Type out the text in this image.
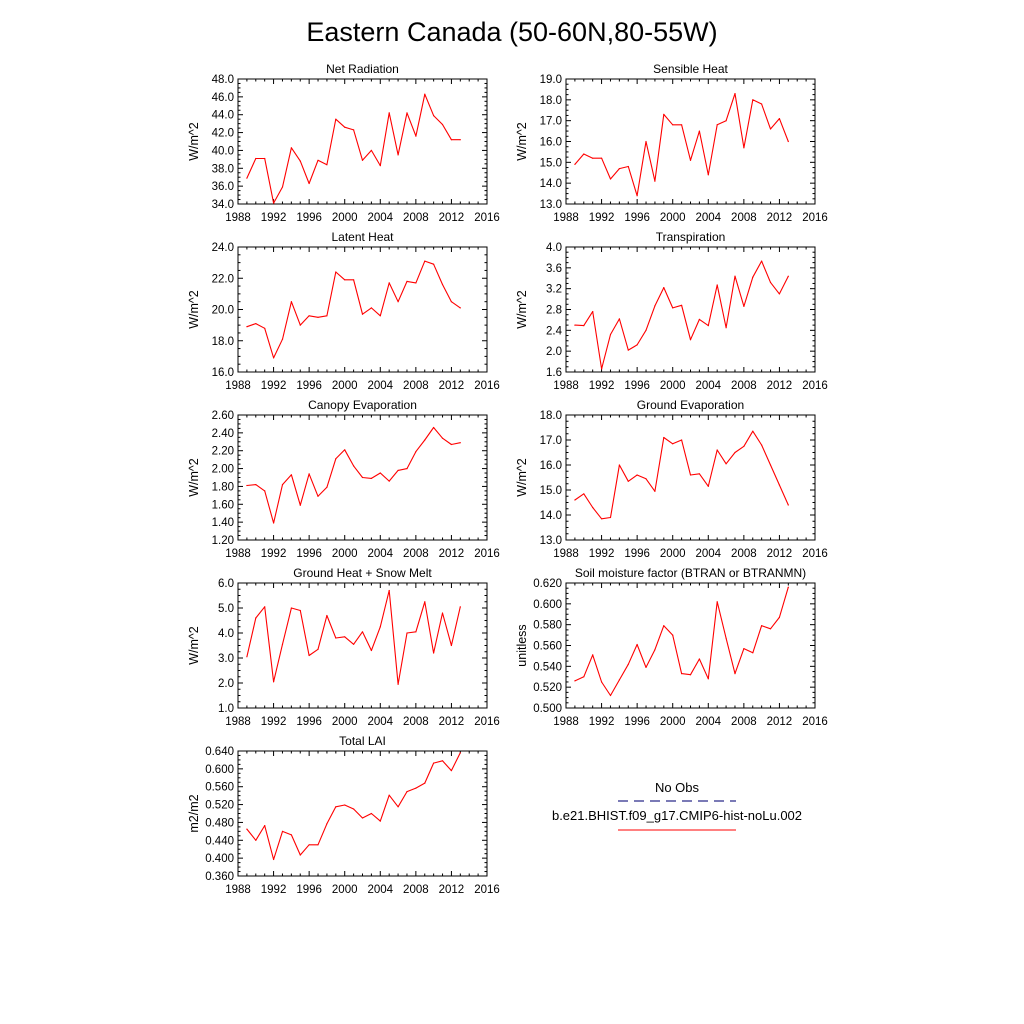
Eastern Canada (50-60N,80-55W)
1988 1992 1996 2000 2004 2008 2012 2016
34.0
36.0
38.0
40.0
42.0
44.0
46.0
48.0
Net Radiation
W/m^2
1988 1992 1996 2000 2004 2008 2012 2016
13.0
14.0
15.0
16.0
17.0
18.0
19.0
Sensible Heat
W/m^2
1988 1992 1996 2000 2004 2008 2012 2016
16.0
18.0
20.0
22.0
24.0
Latent Heat
W/m^2
1988 1992 1996 2000 2004 2008 2012 2016
1.6
2.0
2.4
2.8
3.2
3.6
4.0
Transpiration
W/m^2
1988 1992 1996 2000 2004 2008 2012 2016
1.20
1.40
1.60
1.80
2.00
2.20
2.40
2.60
Canopy Evaporation
W/m^2
1988 1992 1996 2000 2004 2008 2012 2016
13.0
14.0
15.0
16.0
17.0
18.0
Ground Evaporation
W/m^2
1988 1992 1996 2000 2004 2008 2012 2016
1.0
2.0
3.0
4.0
5.0
6.0
Ground Heat + Snow Melt
W/m^2
1988 1992 1996 2000 2004 2008 2012 2016
0.500
0.520
0.540
0.560
0.580
0.600
0.620
Soil moisture factor (BTRAN or BTRANMN)
unitless
1988 1992 1996 2000 2004 2008 2012 2016
0.360
0.400
0.440
0.480
0.520
0.560
0.600
0.640
Total LAI
m2/m2
No Obs
b.e21.BHIST.f09_g17.CMIP6-hist-noLu.002
